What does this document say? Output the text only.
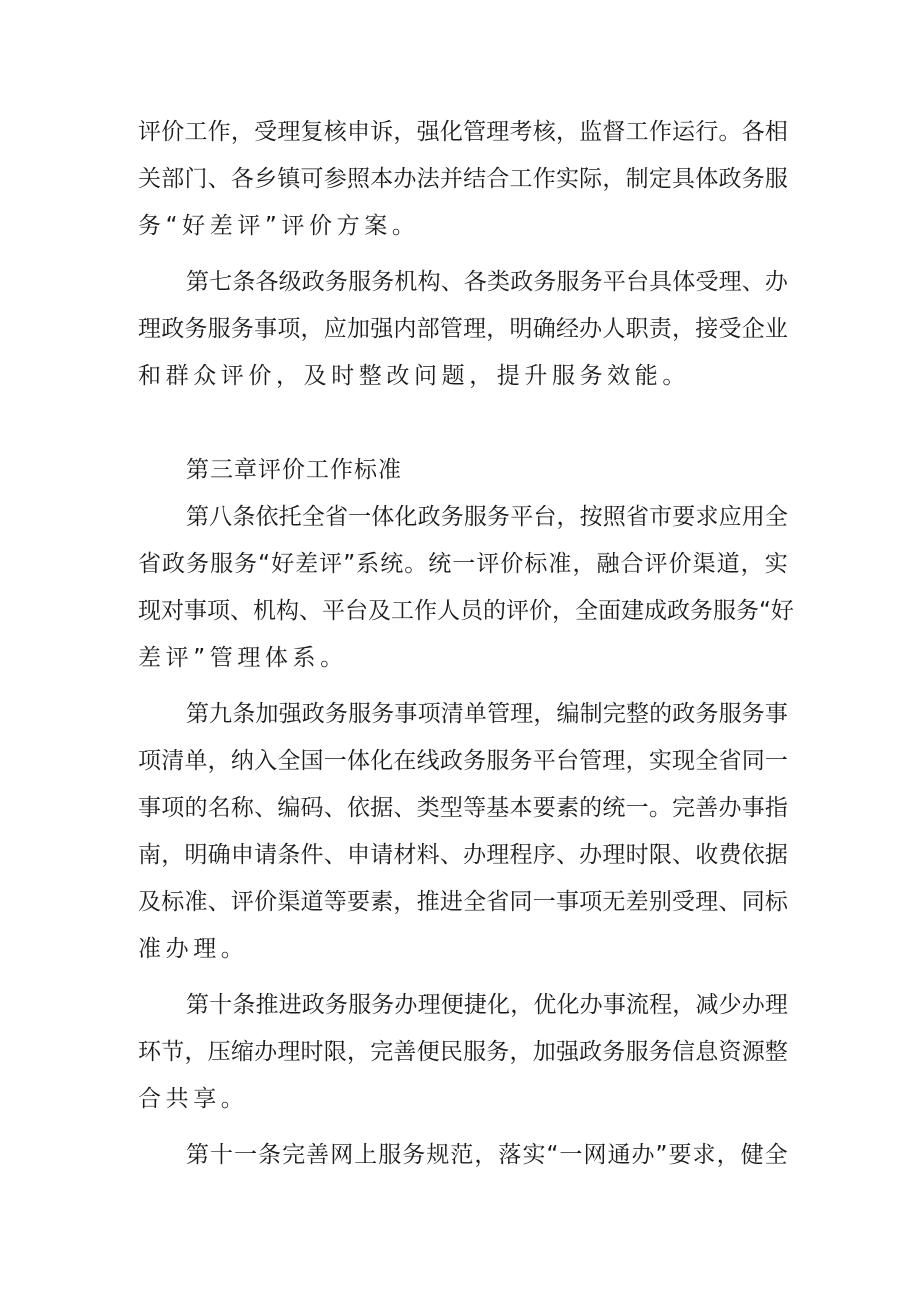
评 价 工 作 ， 受 理 复 核 申 诉 ， 强 化 管 理 考 核 ， 监 督 工 作 运 行 。 各 相
关 部 门 、 各 乡 镇 可 参 照 本 办 法 并 结 合 工 作 实 际 ， 制 定 具 体 政 务 服
务“好差评”评价方案。
第 七 条 各 级 政 务 服 务 机 构 、 各 类 政 务 服 务 平 台 具 体 受 理 、 办
理 政 务 服 务 事 项 ， 应 加 强 内 部 管 理 ， 明 确 经 办 人 职 责 ， 接 受 企 业
和群众评价，及时整改问题，提升服务效能。
第三章评价工作标准
第 八 条 依 托 全 省 一 体 化 政 务 服 务 平 台 ， 按 照 省 市 要 求 应 用 全
省 政 务 服 务 “ 好 差 评 ” 系 统 。 统 一 评 价 标 准 ， 融 合 评 价 渠 道 ， 实
现 对 事 项 、 机 构 、 平 台 及 工 作 人 员 的 评 价 ， 全 面 建 成 政 务 服 务 “ 好
差评”管理体系。
第 九 条 加 强 政 务 服 务 事 项 清 单 管 理 ， 编 制 完 整 的 政 务 服 务 事
项 清 单 ， 纳 入 全 国 一 体 化 在 线 政 务 服 务 平 台 管 理 ， 实 现 全 省 同 一
事 项 的 名 称 、 编 码 、 依 据 、 类 型 等 基 本 要 素 的 统 一 。 完 善 办 事 指
南 ， 明 确 申 请 条 件 、 申 请 材 料 、 办 理 程 序 、 办 理 时 限 、 收 费 依 据
及 标 准 、 评 价 渠 道 等 要 素 ， 推 进 全 省 同 一 事 项 无 差 别 受 理 、 同 标
准办理。
第 十 条 推 进 政 务 服 务 办 理 便 捷 化 ， 优 化 办 事 流 程 ， 减 少 办 理
环 节 ， 压 缩 办 理 时 限 ， 完 善 便 民 服 务 ， 加 强 政 务 服 务 信 息 资 源 整
合共享。
第 十 一 条 完 善 网 上 服 务 规 范 ， 落 实 “ 一 网 通 办 ” 要 求 ， 健 全
